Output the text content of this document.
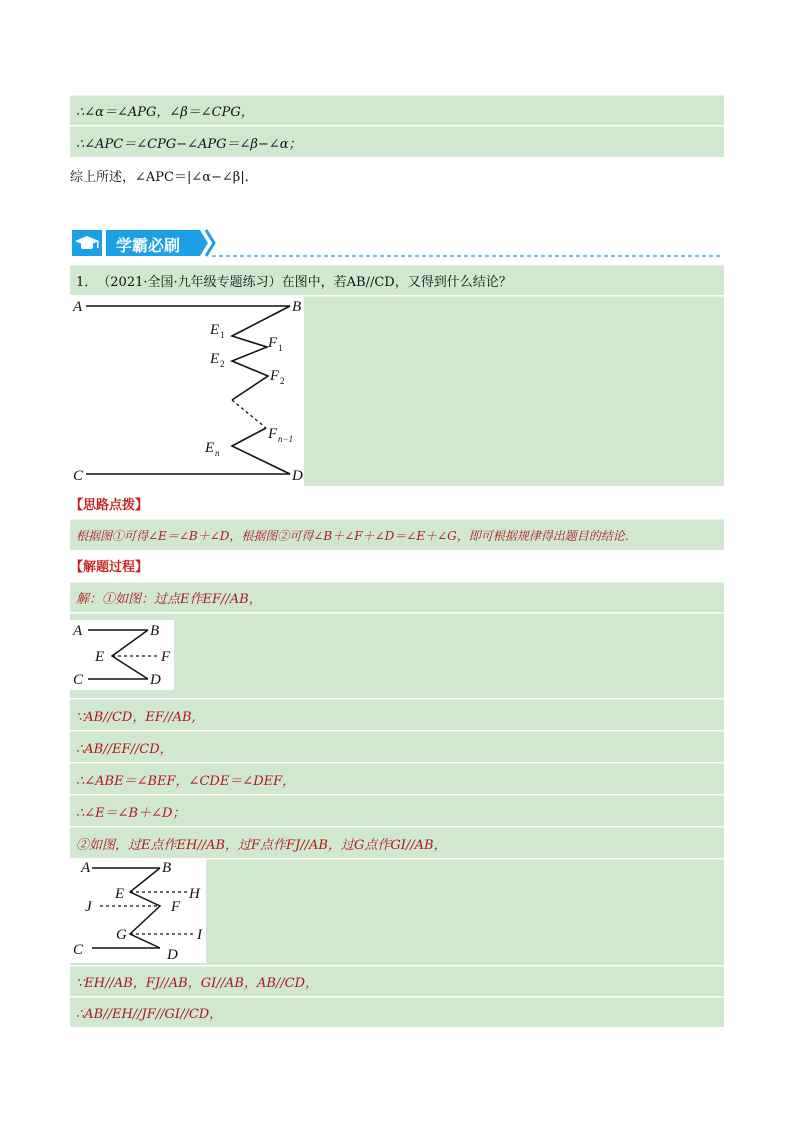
∴∠α＝∠APG，∠β＝∠CPG，
∴∠APC＝∠CPG−∠APG＝∠β−∠α；
综上所述，∠APC＝|∠α−∠β|．
学霸必刷
1． （2021·全国·九年级专题练习） 在图中，若AB//CD，又得到什么结论？
A	B
C	D
E 1
E 2
F 1
F 2
F n−1
E n
【思路点拨】
根据图①可得∠E＝∠B＋∠D，根据图②可得∠B＋∠F＋∠D＝∠E＋∠G，即可根据规律得出题目的结论．
【解题过程】
解：①如图：过点E作EF//AB，
A	B
C	D
E	F
∵AB//CD，EF//AB,
∴AB//EF//CD，
∴∠ABE＝∠BEF，∠CDE＝∠DEF，
∴∠E＝∠B＋∠D；
②如图，过E点作EH//AB，过F点作FJ//AB，过G点作GI//AB，
A	B
C	D
E
F
G
H
I
J
∵EH//AB，FJ//AB，GI//AB，AB//CD，
∴AB//EH//JF//GI//CD，
